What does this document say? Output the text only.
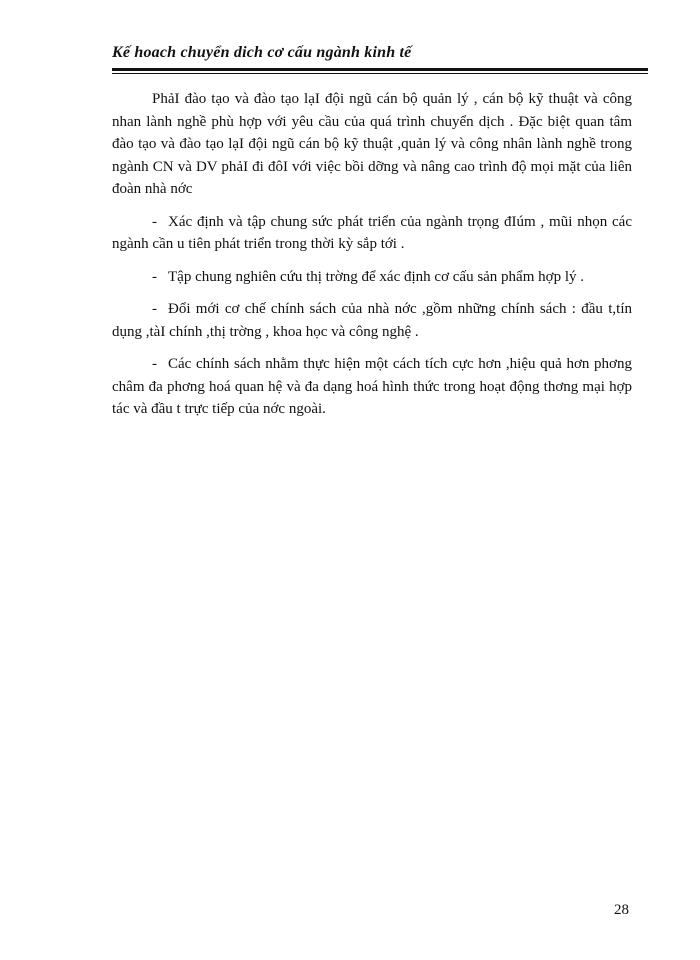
Kế hoach chuyển dich cơ cấu ngành kinh tế

PhảI đào tạo và đào tạo lạI đội ngũ cán bộ quản lý , cán bộ kỹ thuật và công nhan lành nghề phù hợp với yêu cầu của quá trình chuyển dịch . Đặc biệt quan tâm đào tạo và đào tạo lạI đội ngũ cán bộ kỹ thuật ,quản lý và công nhân lành nghề trong ngành CN và DV phảI đi đôI với việc bồi dỡng và nâng cao trình độ mọi mặt của liên đoàn nhà nớc

- Xác định và tập chung sức phát triển của ngành trọng đIúm , mũi nhọn các ngành cần u tiên phát triển trong thời kỳ sắp tới .

- Tập chung nghiên cứu thị trờng để xác định cơ cấu sản phẩm hợp lý .

- Đổi mới cơ chế chính sách của nhà nớc ,gồm những chính sách : đầu t,tín dụng ,tàI chính ,thị trờng , khoa học và công nghệ .

- Các chính sách nhằm thực hiện một cách tích cực hơn ,hiệu quả hơn phơng châm đa phơng hoá quan hệ và đa dạng hoá hình thức trong hoạt động thơng mại hợp tác và đầu t trực tiếp của nớc ngoài.

28
